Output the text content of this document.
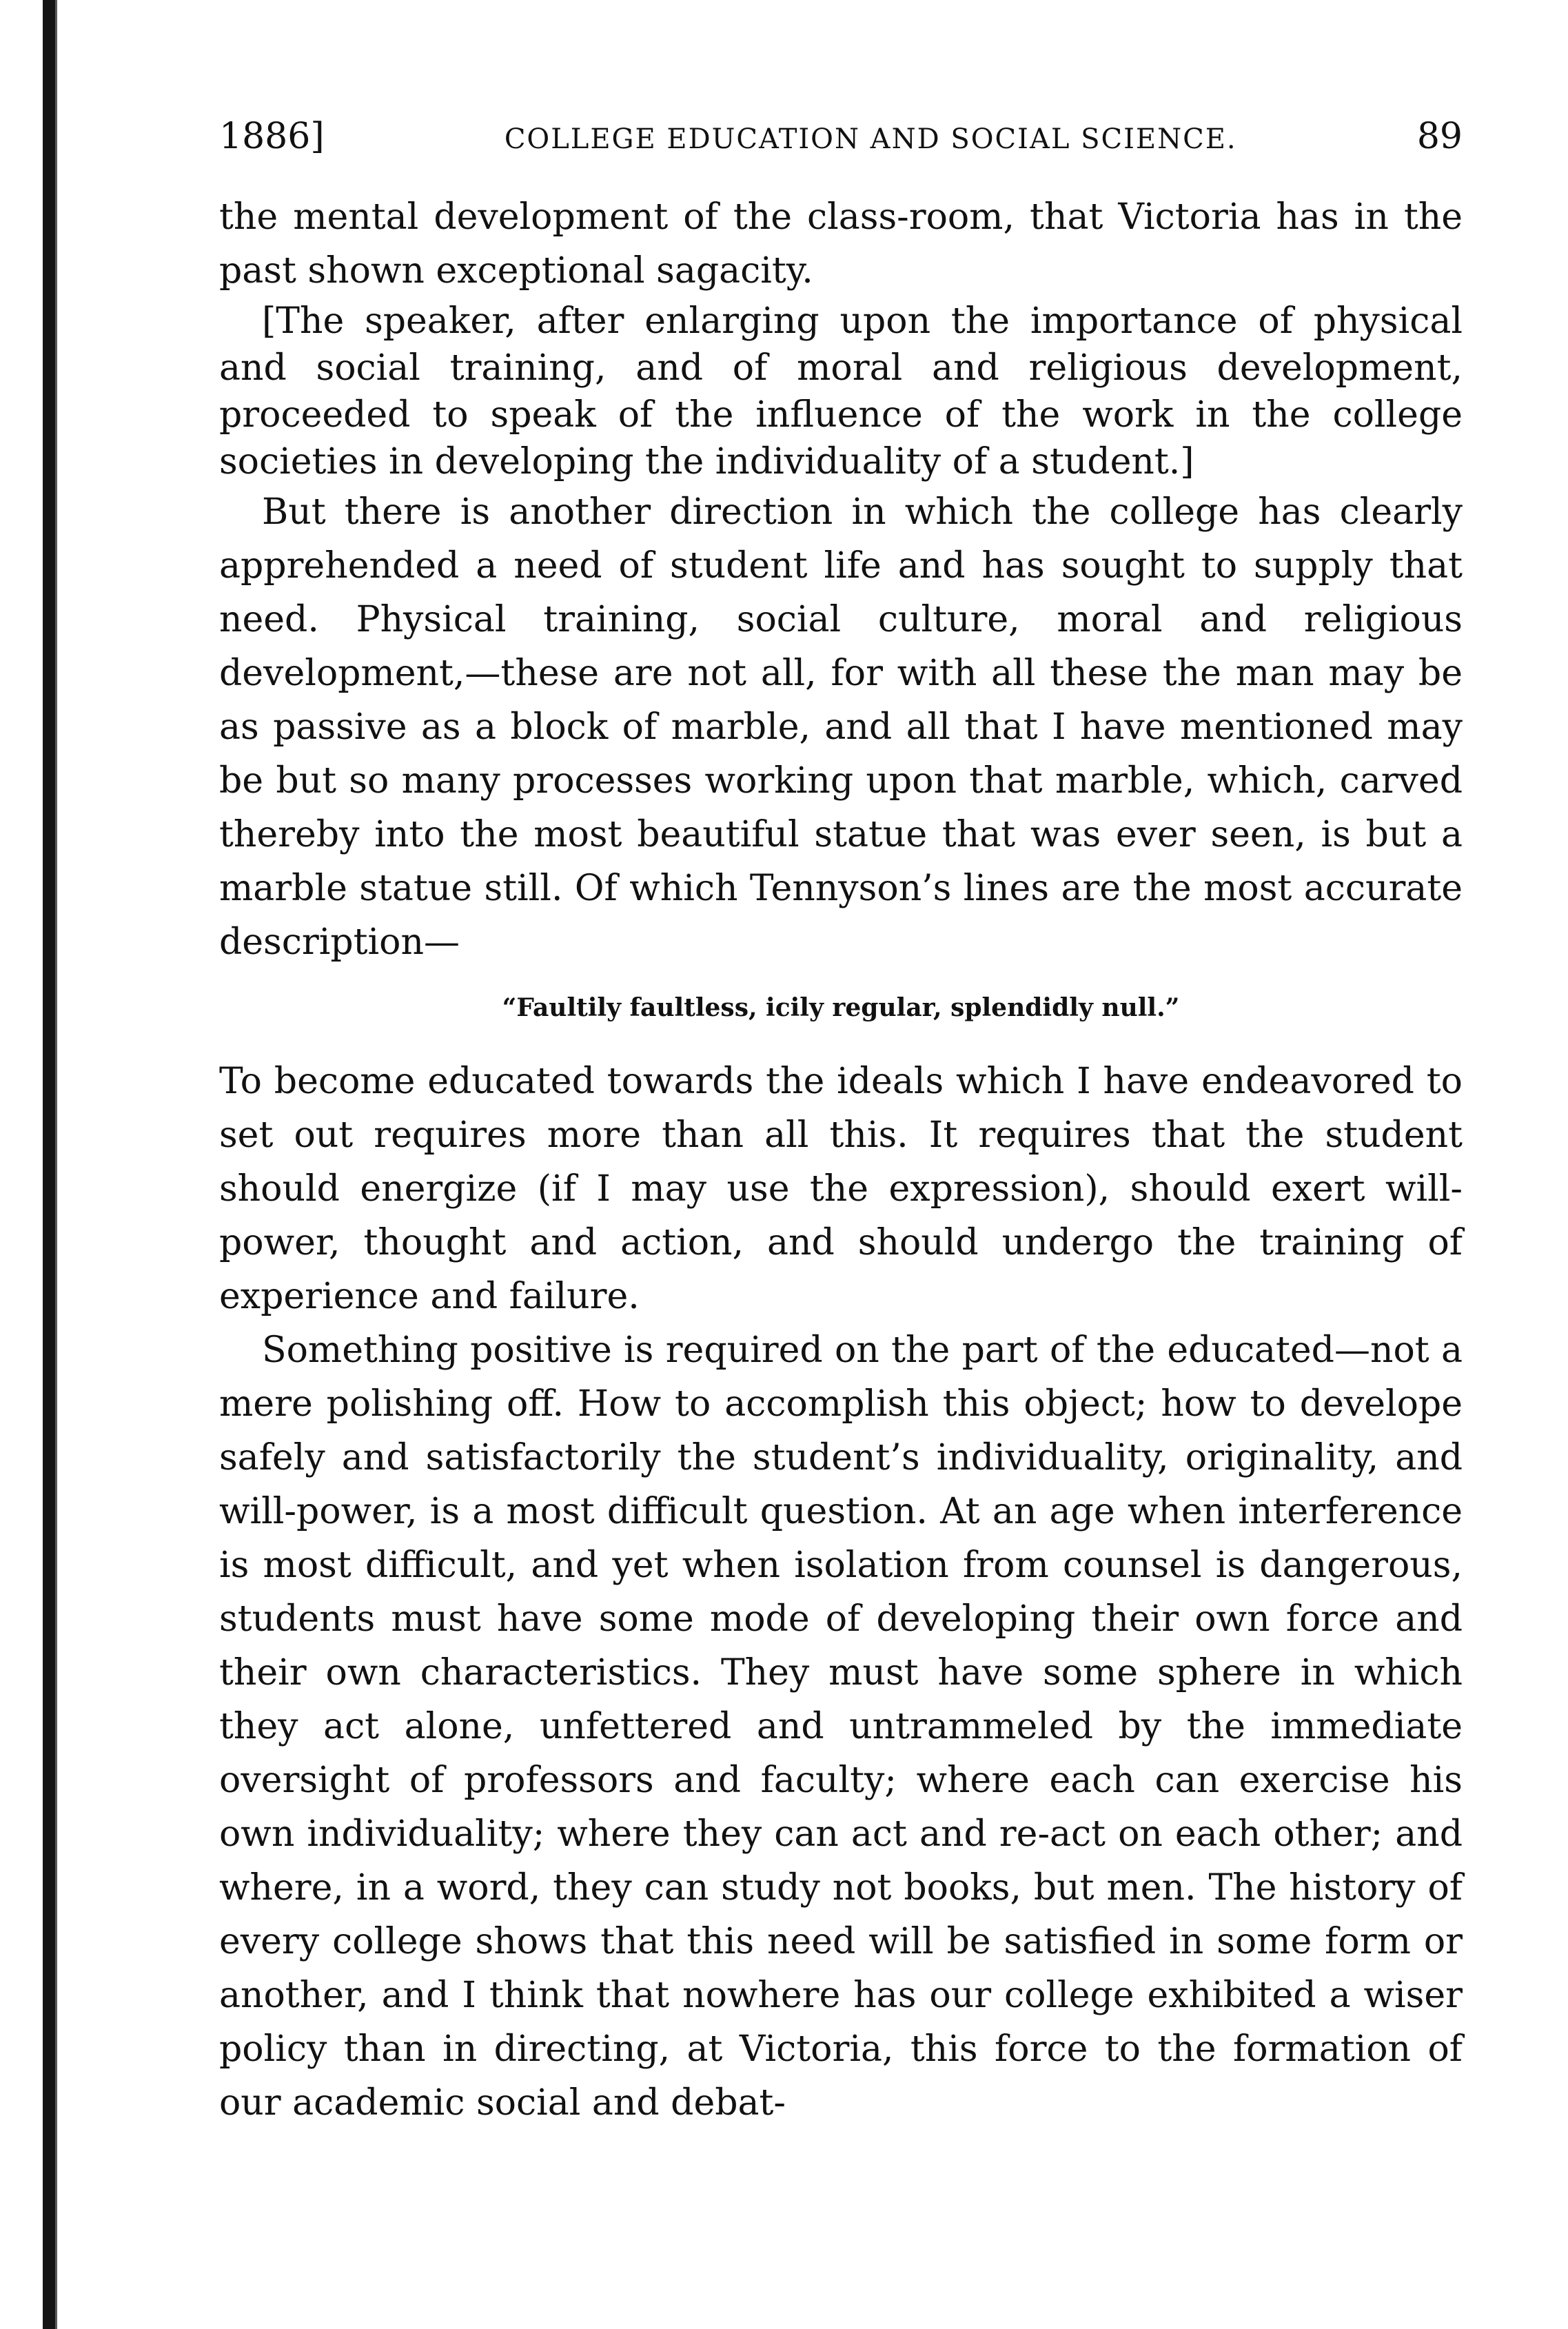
1886]	COLLEGE EDUCATION AND SOCIAL SCIENCE.	89

the mental development of the class-room, that Victoria has in the past shown exceptional sagacity.

[The speaker, after enlarging upon the importance of physical and social training, and of moral and religious development, proceeded to speak of the influence of the work in the college societies in developing the individuality of a student.]

But there is another direction in which the college has clearly apprehended a need of student life and has sought to supply that need. Physical training, social culture, moral and religious development,—these are not all, for with all these the man may be as passive as a block of marble, and all that I have mentioned may be but so many processes working upon that marble, which, carved thereby into the most beautiful statue that was ever seen, is but a marble statue still. Of which Tennyson’s lines are the most accurate description—

“Faultily faultless, icily regular, splendidly null.”

To become educated towards the ideals which I have endeavored to set out requires more than all this. It requires that the student should energize (if I may use the expression), should exert will-power, thought and action, and should undergo the training of experience and failure.

Something positive is required on the part of the educated—not a mere polishing off. How to accomplish this object; how to develope safely and satisfactorily the student’s individuality, originality, and will-power, is a most difficult question. At an age when interference is most difficult, and yet when isolation from counsel is dangerous, students must have some mode of developing their own force and their own characteristics. They must have some sphere in which they act alone, unfettered and untrammeled by the immediate oversight of professors and faculty; where each can exercise his own individuality; where they can act and re-act on each other; and where, in a word, they can study not books, but men. The history of every college shows that this need will be satisfied in some form or another, and I think that nowhere has our college exhibited a wiser policy than in directing, at Victoria, this force to the formation of our academic social and debat-
